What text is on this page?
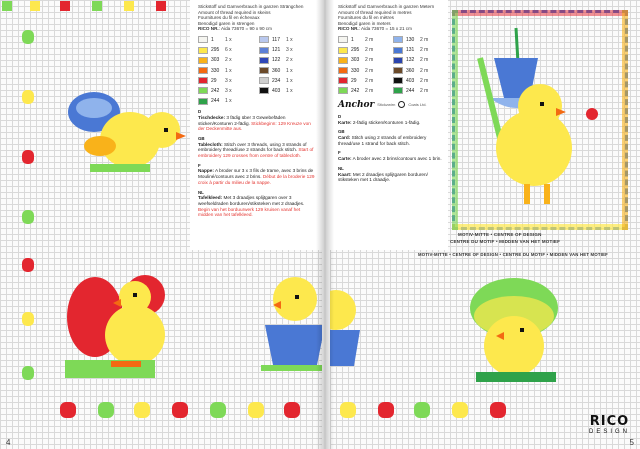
Stickstoff und Garnverbrauch in ganzen Strängchen
Amount of thread required in skeins
Fournitures du fil en échevaux
Benodigd garen in strengen
RICO NR.: Aida 73670 = 90 x 90 cm
1	1 x	117	1 x
295	6 x	121	3 x
303	2 x	122	2 x
330	1 x	360	1 x
29	3 x	234	1 x
242	3 x	403	1 x
244	1 x
D
Tischdecke: 3 fädig über 3 Gewebefäden sticken/Konturen 2-fädig. Stickbeginn: 129 Kreuze von der Deckenmitte aus.
GB
Tablecloth: Stitch over 3 threads, using 3 strands of embroidery thread/use 2 strands for back stitch. Start of embroidery 129 crosses from centre of tablecloth.
F
Nappe: A broder sur 3 x 3 fils de trame, avec 3 brins de Mouliné/contours avec 2 brins. Début de la broderie 129 croix à partir du milieu de la nappe.
NL
Tafelkleed: Met 3 draadjes splijtgaren over 3 weefseldraden borduren/stiksteken met 2 draadjes. Begin van het borduurwerk 129 kruisen vanaf het midden van het tafelkleed.
4
MOTIV-MITTE • CENTRE OF DESIGN
CENTRE DU MOTIF • MIDDEN VAN HET MOTIEF
MOTIV-MITTE • CENTRE OF DESIGN • CENTRE DU MOTIF • MIDDEN VAN HET MOTIEF
Stickstoff und Garnverbrauch in ganzen Metern
Amount of thread required in metres
Fournitures du fil en mètres
Benodigd garen in meters
RICO NR.: Aida 73670 = 15 x 21 cm
1	2 m	130	2 m
295	2 m	131	2 m
303	2 m	132	2 m
330	2 m	360	2 m
29	2 m	403	2 m
242	2 m	244	2 m
Anchor Stickzwirn	Coats Ltd.
D
Karte: 2-fädig sticken/Konturen 1-fädig.
GB
Card: Stitch using 2 strands of embroidery thread/use 1 strand for back stitch.
F
Carte: A broder avec 2 brins/contours avec 1 brin.
NL
Kaart: Met 2 draadjes splijtgaren borduren/ stiksteken met 1 draadje.
RICO
DESIGN
5
